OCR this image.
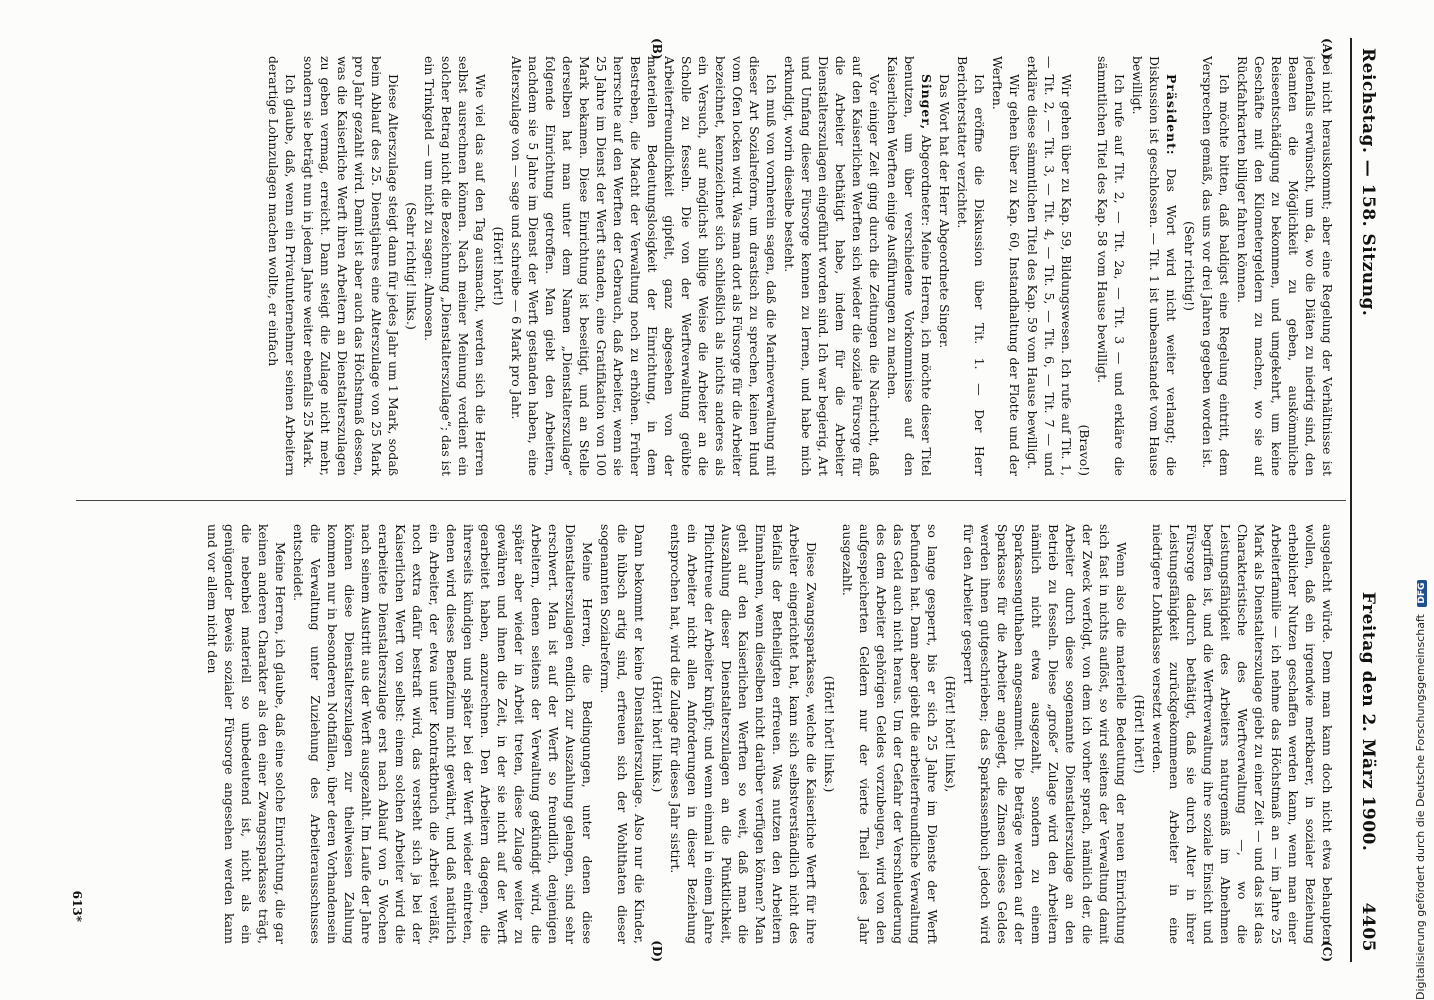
Reichstag. — 158. Sitzung.
Freitag den 2. März 1900.        4405
(A)
(B)
(C)
(D)

bei nicht herauskommt; aber eine Regelung der Verhältnisse ist jedenfalls erwünscht, um da, wo die Diäten zu niedrig sind, den Beamten die Möglichkeit zu geben, auskömmliche Reiseentschädigung zu bekommen, und umgekehrt, um keine Geschäfte mit den Kilometergeldern zu machen, wo sie auf Rückfahrkarten billiger fahren können.

Ich möchte bitten, daß baldigst eine Regelung eintritt, dem Versprechen gemäß, das uns vor drei Jahren gegeben worden ist.

(Sehr richtig!)

Präsident: Das Wort wird nicht weiter verlangt; die Diskussion ist geschlossen. — Tit. 1 ist unbeanstandet vom Hause bewilligt.

Ich rufe auf Tit. 2, — Tit. 2a, — Tit. 3 — und erkläre die sämmtlichen Titel des Kap. 58 vom Hause bewilligt.

(Bravo!)

Wir gehen über zu Kap. 59, Bildungswesen. Ich rufe auf Tit. 1, — Tit. 2, — Tit. 3, — Tit. 4, — Tit. 5, — Tit. 6, — Tit. 7 — und erkläre diese sämmtlichen Titel des Kap. 59 vom Hause bewilligt.

Wir gehen über zu Kap. 60, Instandhaltung der Flotte und der Werften.

Ich eröffne die Diskussion über Tit. 1. — Der Herr Berichterstatter verzichtet.

Das Wort hat der Herr Abgeordnete Singer.

Singer, Abgeordneter: Meine Herren, ich möchte dieser Titel benutzen, um über verschiedene Vorkommnisse auf den Kaiserlichen Werften einige Ausführungen zu machen.

Vor einiger Zeit ging durch die Zeitungen die Nachricht, daß auf den Kaiserlichen Werften sich wieder die soziale Fürsorge für die Arbeiter bethätigt habe, indem für die Arbeiter Dienstalterszulagen eingeführt worden sind. Ich war begierig, Art und Umfang dieser Fürsorge kennen zu lernen, und habe mich erkundigt, worin dieselbe besteht.

Ich muß von vornherein sagen, daß die Marineverwaltung mit dieser Art Sozialreform, um drastisch zu sprechen, keinen Hund vom Ofen locken wird. Was man dort als Fürsorge für die Arbeiter bezeichnet, kennzeichnet sich schließlich als nichts anderes als ein Versuch, auf möglichst billige Weise die Arbeiter an die Scholle zu fesseln. Die von der Werftverwaltung geübte Arbeiterfreundlichkeit gipfelt, ganz abgesehen von der materiellen Bedeutungslosigkeit der Einrichtung, in dem Bestreben, die Macht der Verwaltung noch zu erhöhen. Früher herrschte auf den Werften der Gebrauch, daß Arbeiter, wenn sie 25 Jahre im Dienst der Werft standen, eine Gratifikation von 100 Mark bekamen. Diese Einrichtung ist beseitigt, und an Stelle derselben hat man unter dem Namen „Dienstalterszulage“ folgende Einrichtung getroffen. Man giebt den Arbeitern, nachdem sie 5 Jahre im Dienst der Werft gestanden haben, eine Alterszulage von — sage und schreibe — 6 Mark pro Jahr.

(Hört! hört!)

Wie viel das auf den Tag ausmacht, werden sich die Herren selbst ausrechnen können. Nach meiner Meinung verdient ein solcher Betrag nicht die Bezeichnung „Dienstalterszulage“; das ist ein Trinkgeld — um nicht zu sagen: Almosen.

(Sehr richtig! links.)

Diese Alterszulage steigt dann für jedes Jahr um 1 Mark, sodaß beim Ablauf des 25. Dienstjahres eine Alterszulage von 25 Mark pro Jahr gezahlt wird. Damit ist aber auch das Höchstmaß dessen, was die Kaiserliche Werft ihren Arbeitern an Dienstalterszulagen zu geben vermag, erreicht. Dann steigt die Zulage nicht mehr, sondern sie beträgt nun in jedem Jahre weiter ebenfalls 25 Mark.

Ich glaube, daß, wenn ein Privatunternehmer seinen Arbeitern derartige Lohnzulagen machen wollte, er einfach

ausgelacht würde. Denn man kann doch nicht etwa behaupten wollen, daß ein irgendwie merkbarer, in sozialer Beziehung erheblicher Nutzen geschaffen werden kann, wenn man einer Arbeiterfamilie — ich nehme das Höchstmaß an — im Jahre 25 Mark als Dienstalterszulage giebt zu einer Zeit — und das ist das Charakteristische des Werftverwaltung —, wo die Leistungsfähigkeit des Arbeiters naturgemäß im Abnehmen begriffen ist, und die Werftverwaltung ihre soziale Einsicht und Fürsorge dadurch bethätigt, daß sie durch Alter in ihrer Leistungsfähigkeit zurückgekommenen Arbeiter in eine niedrigere Lohnklasse versetzt werden.

(Hört! hört!)

Wenn also die materielle Bedeutung der neuen Einrichtung sich fast in nichts auflöst, so wird seitens der Verwaltung damit der Zweck verfolgt, von dem ich vorher sprach, nämlich der, die Arbeiter durch diese sogenannte Dienstalterszulage an den Betrieb zu fesseln. Diese „große“ Zulage wird den Arbeitern nämlich nicht etwa ausgezahlt, sondern zu einem Sparkassenguthaben angesammelt. Die Beträge werden auf der Sparkasse für die Arbeiter angelegt, die Zinsen dieses Geldes werden ihnen gutgeschrieben; das Sparkassenbuch jedoch wird für den Arbeiter gesperrt

(Hört! hört! links),

so lange gesperrt, bis er sich 25 Jahre im Dienste der Werft befunden hat. Dann aber giebt die arbeiterfreundliche Verwaltung das Geld auch nicht heraus. Um der Gefahr der Verschleuderung des dem Arbeiter gehörigen Geldes vorzubeugen, wird von den aufgespeicherten Geldern nur der vierte Theil jedes Jahr ausgezahlt.

(Hört! hört! links.)

Diese Zwangssparkasse, welche die Kaiserliche Werft für ihre Arbeiter eingerichtet hat, kann sich selbstverständlich nicht des Beifalls der Betheiligten erfreuen. Was nutzen den Arbeitern Einnahmen, wenn dieselben nicht darüber verfügen können? Man geht auf den Kaiserlichen Werften so weit, daß man die Auszahlung dieser Dienstalterszulagen an die Pünktlichkeit, Pflichttreue der Arbeiter knüpft; und wenn einmal in einem Jahre ein Arbeiter nicht allen Anforderungen in dieser Beziehung entsprochen hat, wird die Zulage für dieses Jahr sistirt.

(Hört! hört! links.)

Dann bekommt er keine Dienstalterszulage. Also nur die Kinder, die hübsch artig sind, erfreuen sich der Wohlthaten dieser sogenannten Sozialreform.

Meine Herren, die Bedingungen, unter denen diese Dienstalterszulagen endlich zur Auszahlung gelangen, sind sehr erschwert. Man ist auf der Werft so freundlich, denjenigen Arbeitern, denen seitens der Verwaltung gekündigt wird, die später aber wieder in Arbeit treten, diese Zulage weiter zu gewähren und ihnen die Zeit, in der sie nicht auf der Werft gearbeitet haben, anzurechnen. Den Arbeitern dagegen, die ihrerseits kündigen und später bei der Werft wieder eintreten, denen wird dieses Benefizium nicht gewährt, und daß natürlich ein Arbeiter, der etwa unter Kontraktbruch die Arbeit verläßt, noch extra dafür bestraft wird, das versteht sich ja bei der Kaiserlichen Werft von selbst: einem solchen Arbeiter wird die erarbeitete Dienstalterszulage erst nach Ablauf von 5 Wochen nach seinem Austritt aus der Werft ausgezahlt. Im Laufe der Jahre können diese Dienstalterszulagen zur theilweisen Zahlung kommen nur in besonderen Nothfällen, über deren Vorhandensein die Verwaltung unter Zuziehung des Arbeiterausschusses entscheidet.

Meine Herren, ich glaube, daß eine solche Einrichtung, die gar keinen anderen Charakter als den einer Zwangssparkasse trägt, die nebenbei materiell so unbedeutend ist, nicht als ein genügender Beweis sozialer Fürsorge angesehen werden kann und vor allem nicht den

613*	Digitalisierung gefördert durch die Deutsche Forschungsgemeinschaft DFG
